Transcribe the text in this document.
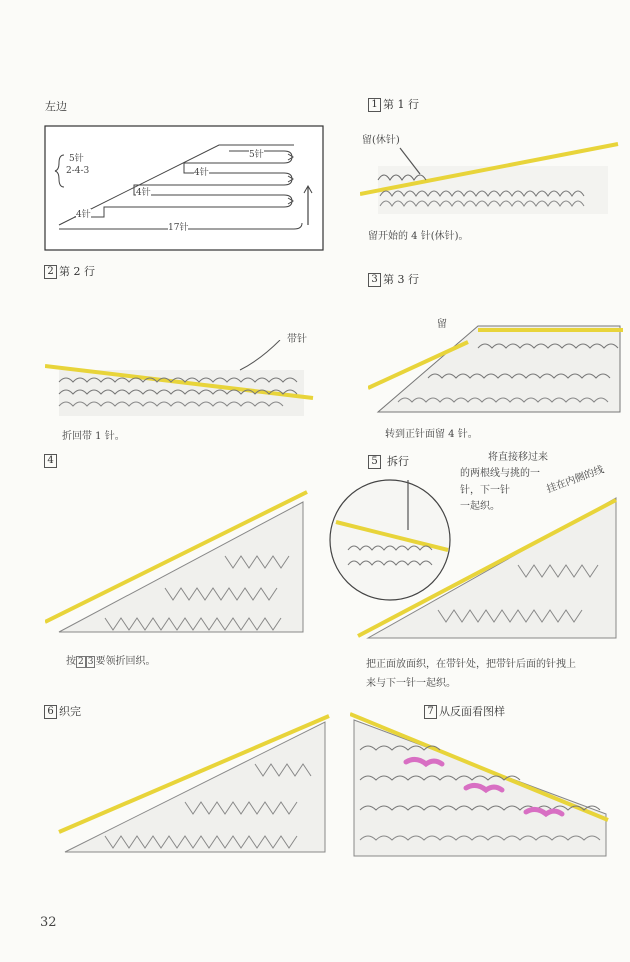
左边
5针
2-4-3
5针
4针
4针
4针
17针
1 第 1 行
留(休针)
留开始的 4 针(休针)。
2 第 2 行
带针
折回带 1 针。
3 第 3 行
留
转到正针面留 4 针。
4
按 2 3 要领折回织。
5 拆行	将直接移过来
的两根线与挑的一
针，下一针
一起织。
挂在内侧的线
把正面放面织，在带针处，把带针后面的针拽上
来与下一针一起织。
6 织完	7 从反面看图样
32
